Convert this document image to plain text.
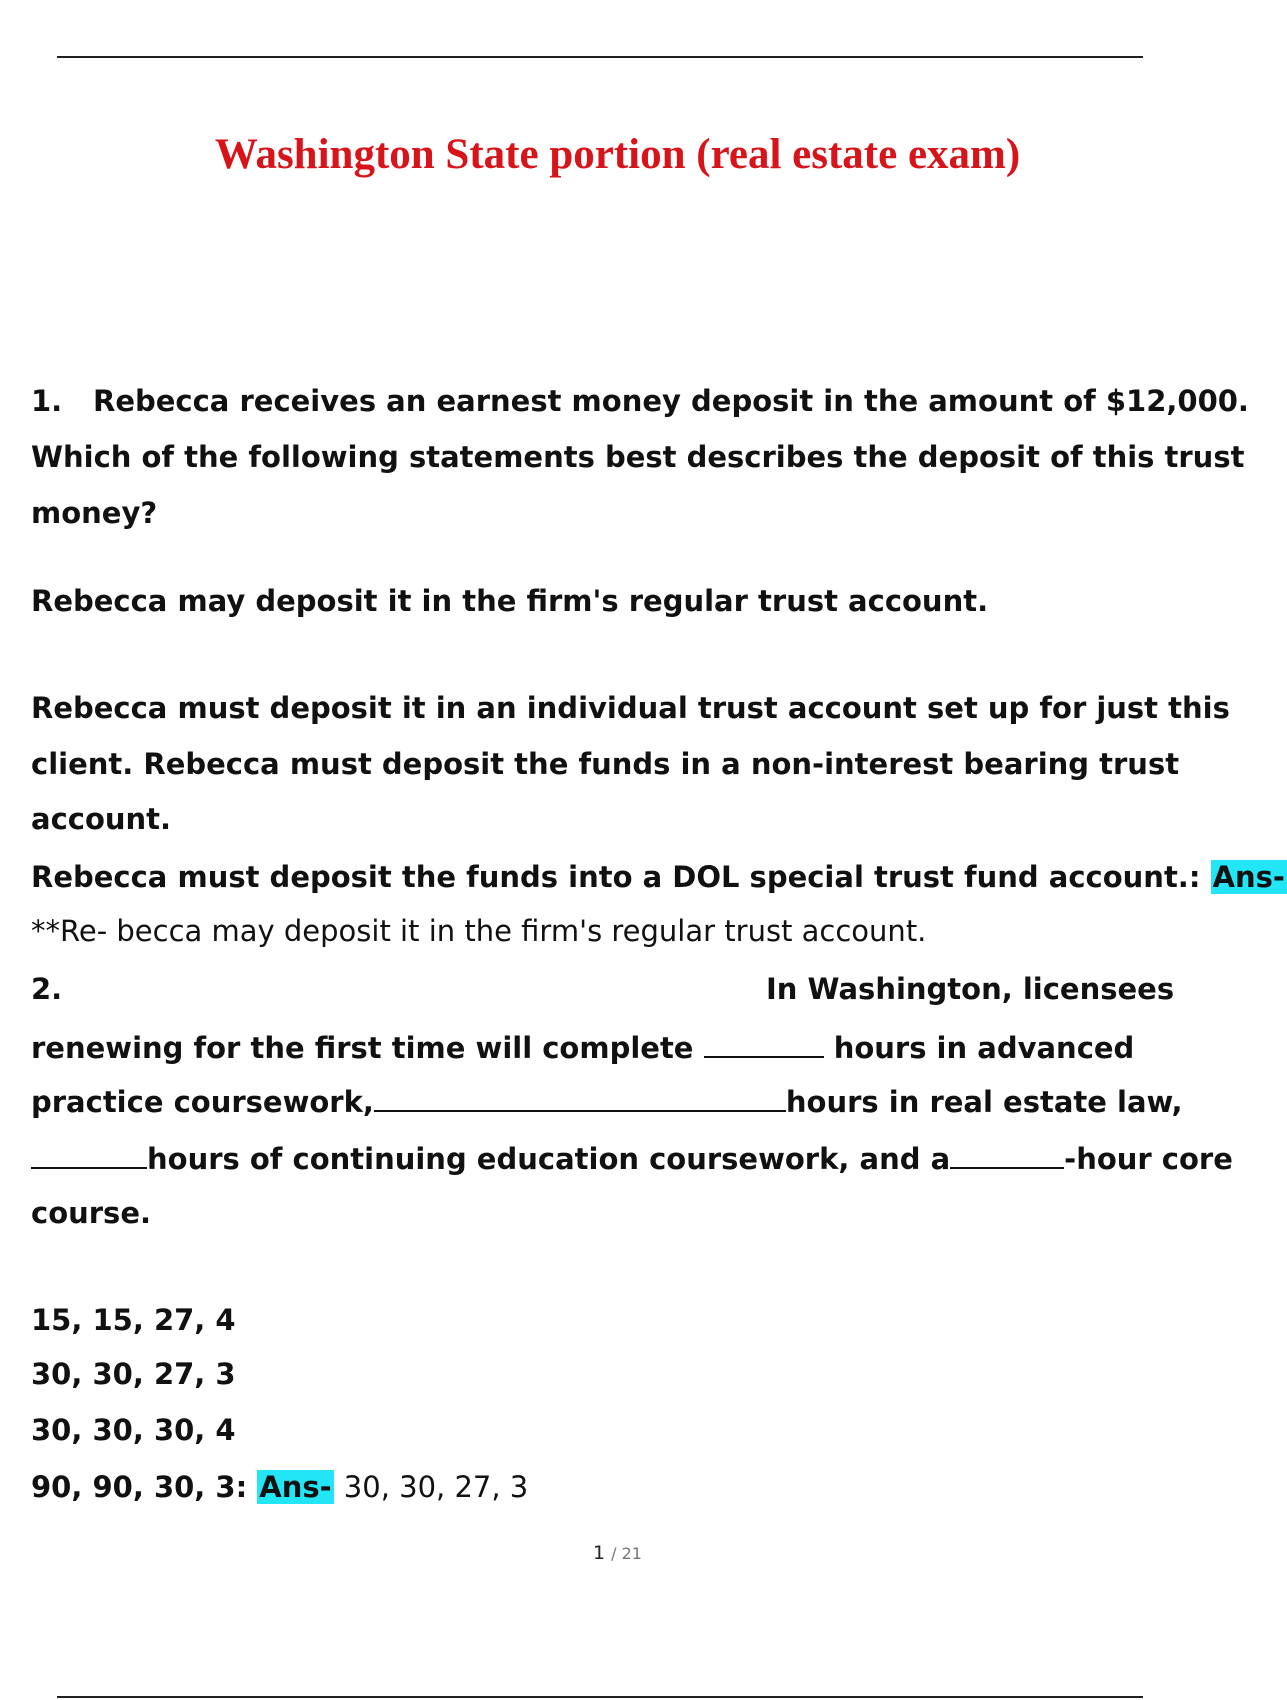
Washington State portion (real estate exam)
1. Rebecca receives an earnest money deposit in the amount of $12,000.
Which of the following statements best describes the deposit of this trust
money?
Rebecca may deposit it in the firm's regular trust account.
Rebecca must deposit it in an individual trust account set up for just this
client. Rebecca must deposit the funds in a non-interest bearing trust
account.
Rebecca must deposit the funds into a DOL special trust fund account.: Ans-
**Re- becca may deposit it in the firm's regular trust account.
2.	In Washington, licensees
renewing for the first time will complete	hours in advanced
practice coursework,	hours in real estate law,
hours of continuing education coursework, and a	-hour core
course.
15, 15, 27, 4
30, 30, 27, 3
30, 30, 30, 4
90, 90, 30, 3: Ans- 30, 30, 27, 3
1 / 21
